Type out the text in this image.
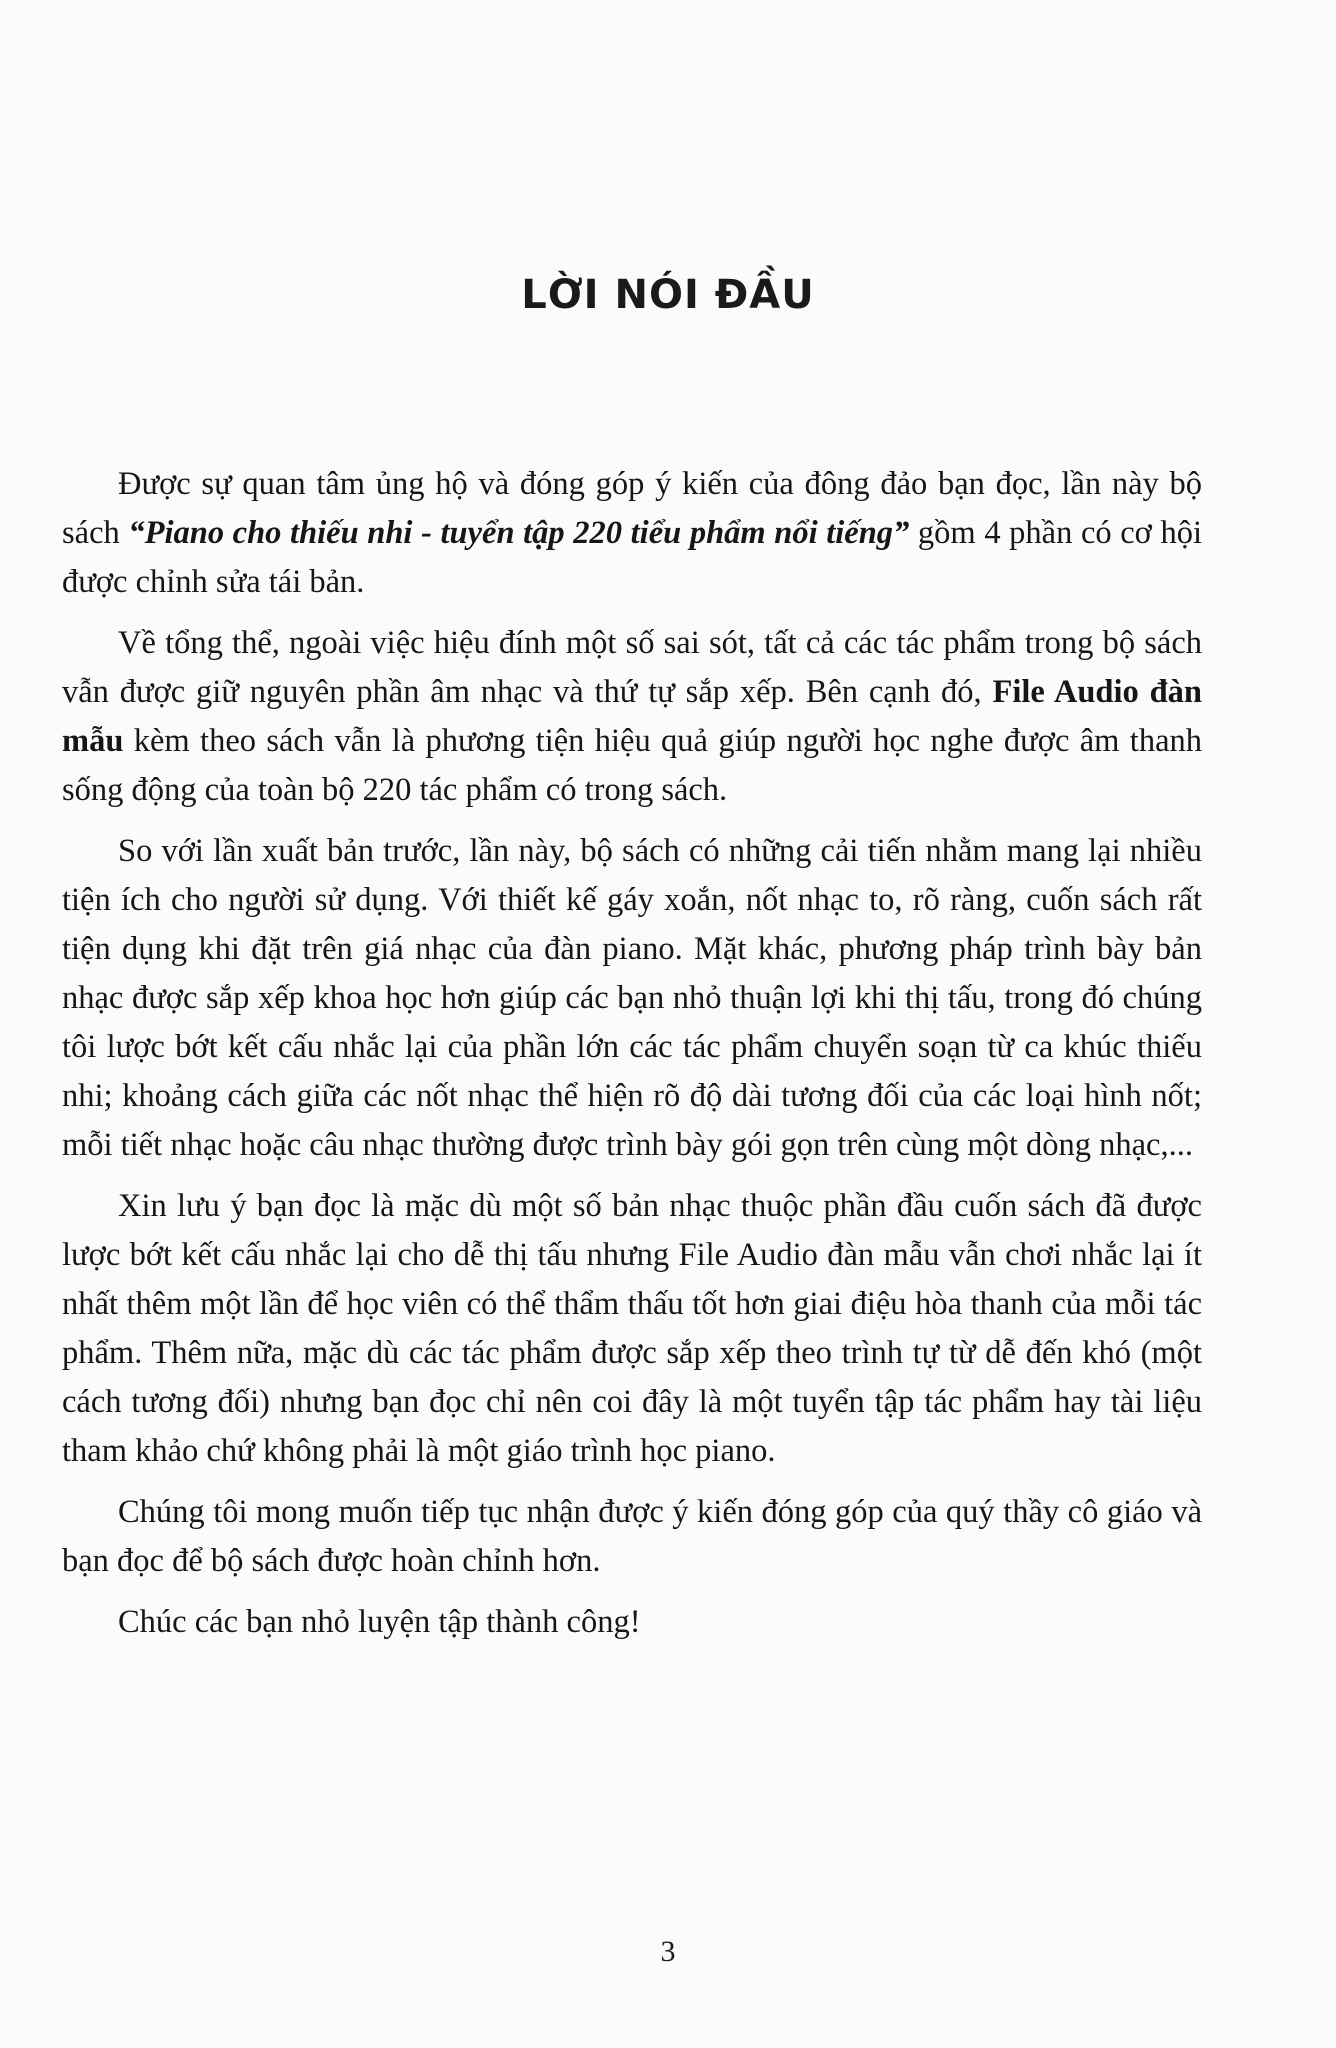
LỜI NÓI ĐẦU

Được sự quan tâm ủng hộ và đóng góp ý kiến của đông đảo bạn đọc, lần này bộ sách “Piano cho thiếu nhi - tuyển tập 220 tiểu phẩm nổi tiếng” gồm 4 phần có cơ hội được chỉnh sửa tái bản.

Về tổng thể, ngoài việc hiệu đính một số sai sót, tất cả các tác phẩm trong bộ sách vẫn được giữ nguyên phần âm nhạc và thứ tự sắp xếp. Bên cạnh đó, File Audio đàn mẫu kèm theo sách vẫn là phương tiện hiệu quả giúp người học nghe được âm thanh sống động của toàn bộ 220 tác phẩm có trong sách.

So với lần xuất bản trước, lần này, bộ sách có những cải tiến nhằm mang lại nhiều tiện ích cho người sử dụng. Với thiết kế gáy xoắn, nốt nhạc to, rõ ràng, cuốn sách rất tiện dụng khi đặt trên giá nhạc của đàn piano. Mặt khác, phương pháp trình bày bản nhạc được sắp xếp khoa học hơn giúp các bạn nhỏ thuận lợi khi thị tấu, trong đó chúng tôi lược bớt kết cấu nhắc lại của phần lớn các tác phẩm chuyển soạn từ ca khúc thiếu nhi; khoảng cách giữa các nốt nhạc thể hiện rõ độ dài tương đối của các loại hình nốt; mỗi tiết nhạc hoặc câu nhạc thường được trình bày gói gọn trên cùng một dòng nhạc,...

Xin lưu ý bạn đọc là mặc dù một số bản nhạc thuộc phần đầu cuốn sách đã được lược bớt kết cấu nhắc lại cho dễ thị tấu nhưng File Audio đàn mẫu vẫn chơi nhắc lại ít nhất thêm một lần để học viên có thể thẩm thấu tốt hơn giai điệu hòa thanh của mỗi tác phẩm. Thêm nữa, mặc dù các tác phẩm được sắp xếp theo trình tự từ dễ đến khó (một cách tương đối) nhưng bạn đọc chỉ nên coi đây là một tuyển tập tác phẩm hay tài liệu tham khảo chứ không phải là một giáo trình học piano.

Chúng tôi mong muốn tiếp tục nhận được ý kiến đóng góp của quý thầy cô giáo và bạn đọc để bộ sách được hoàn chỉnh hơn.

Chúc các bạn nhỏ luyện tập thành công!

3
